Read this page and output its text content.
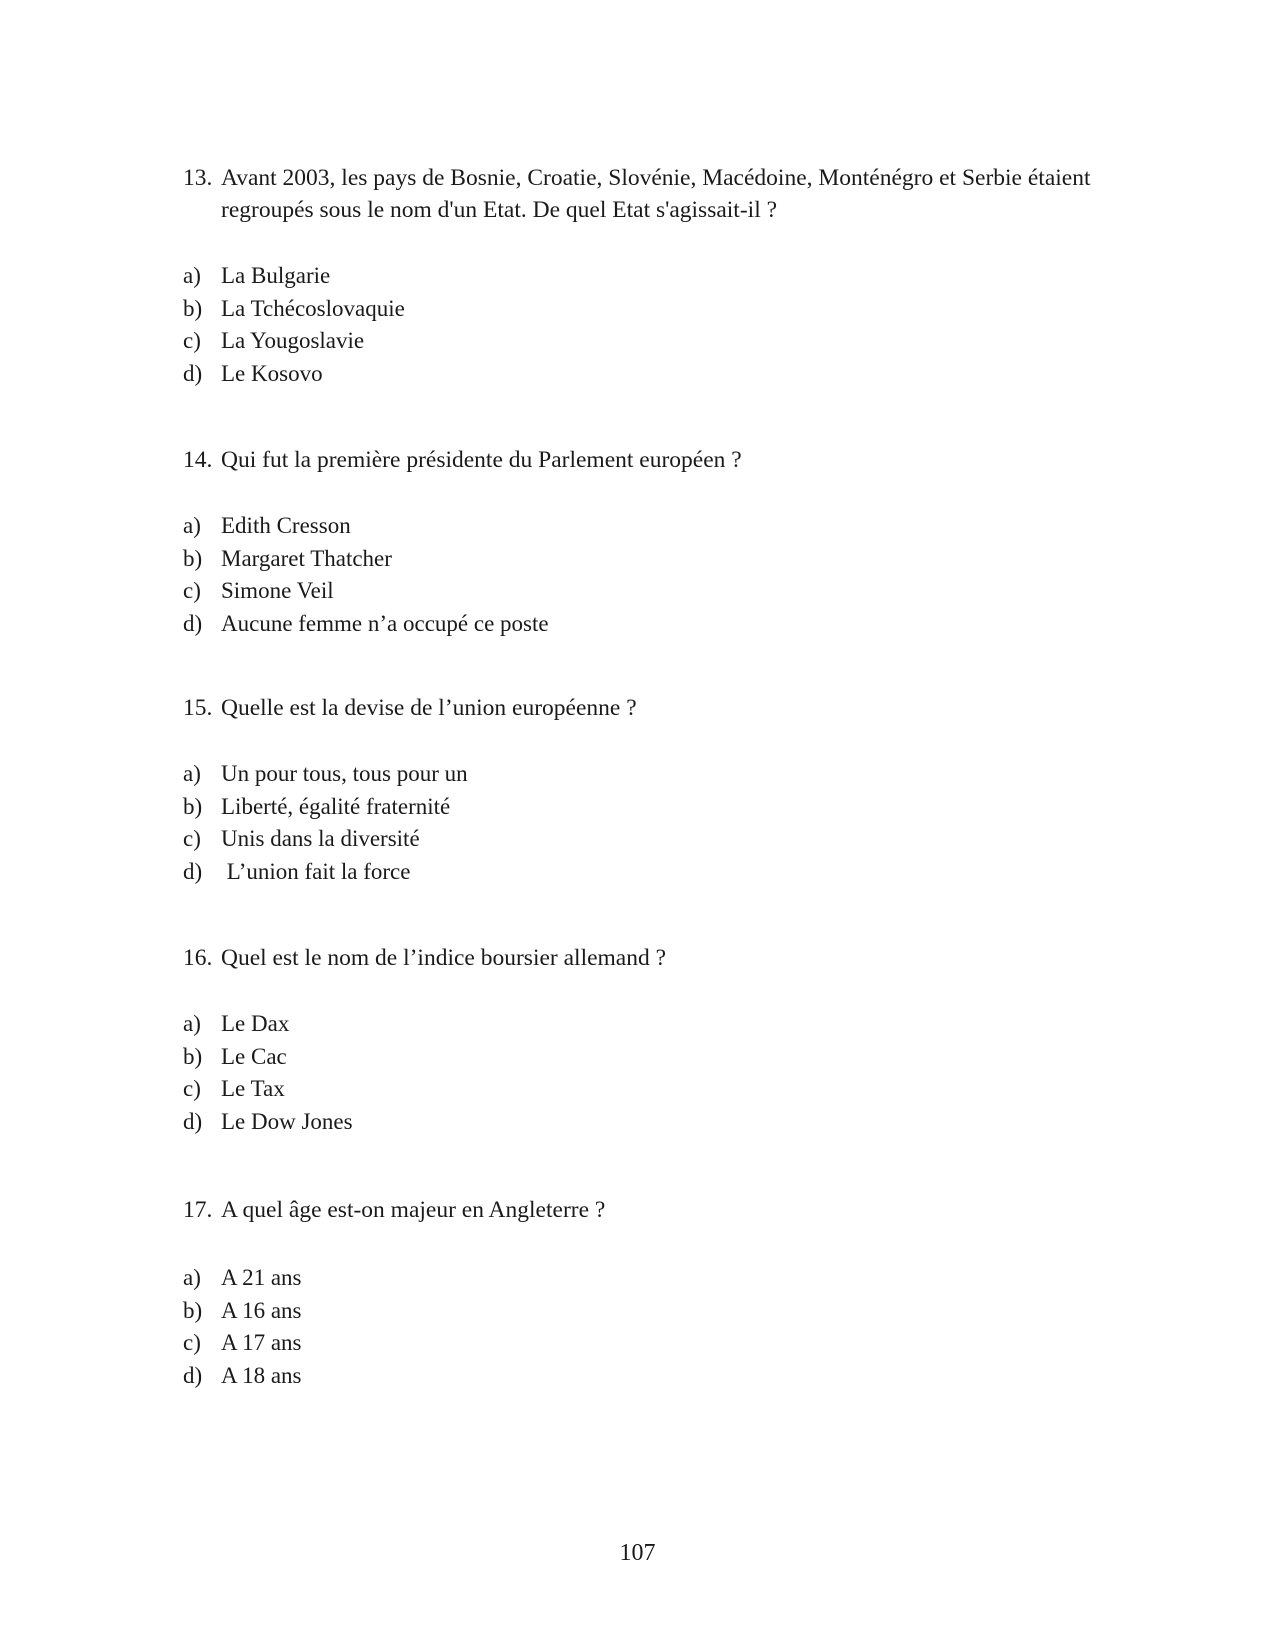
13. Avant 2003, les pays de Bosnie, Croatie, Slovénie, Macédoine, Monténégro et Serbie étaient
regroupés sous le nom d'un Etat. De quel Etat s'agissait-il ?
a) La Bulgarie
b) La Tchécoslovaquie
c) La Yougoslavie
d) Le Kosovo
14. Qui fut la première présidente du Parlement européen ?
a) Edith Cresson
b) Margaret Thatcher
c) Simone Veil
d) Aucune femme n’a occupé ce poste
15. Quelle est la devise de l’union européenne ?
a) Un pour tous, tous pour un
b) Liberté, égalité fraternité
c) Unis dans la diversité
d) L’union fait la force
16. Quel est le nom de l’indice boursier allemand ?
a) Le Dax
b) Le Cac
c) Le Tax
d) Le Dow Jones
17. A quel âge est-on majeur en Angleterre ?
a) A 21 ans
b) A 16 ans
c) A 17 ans
d) A 18 ans
107
